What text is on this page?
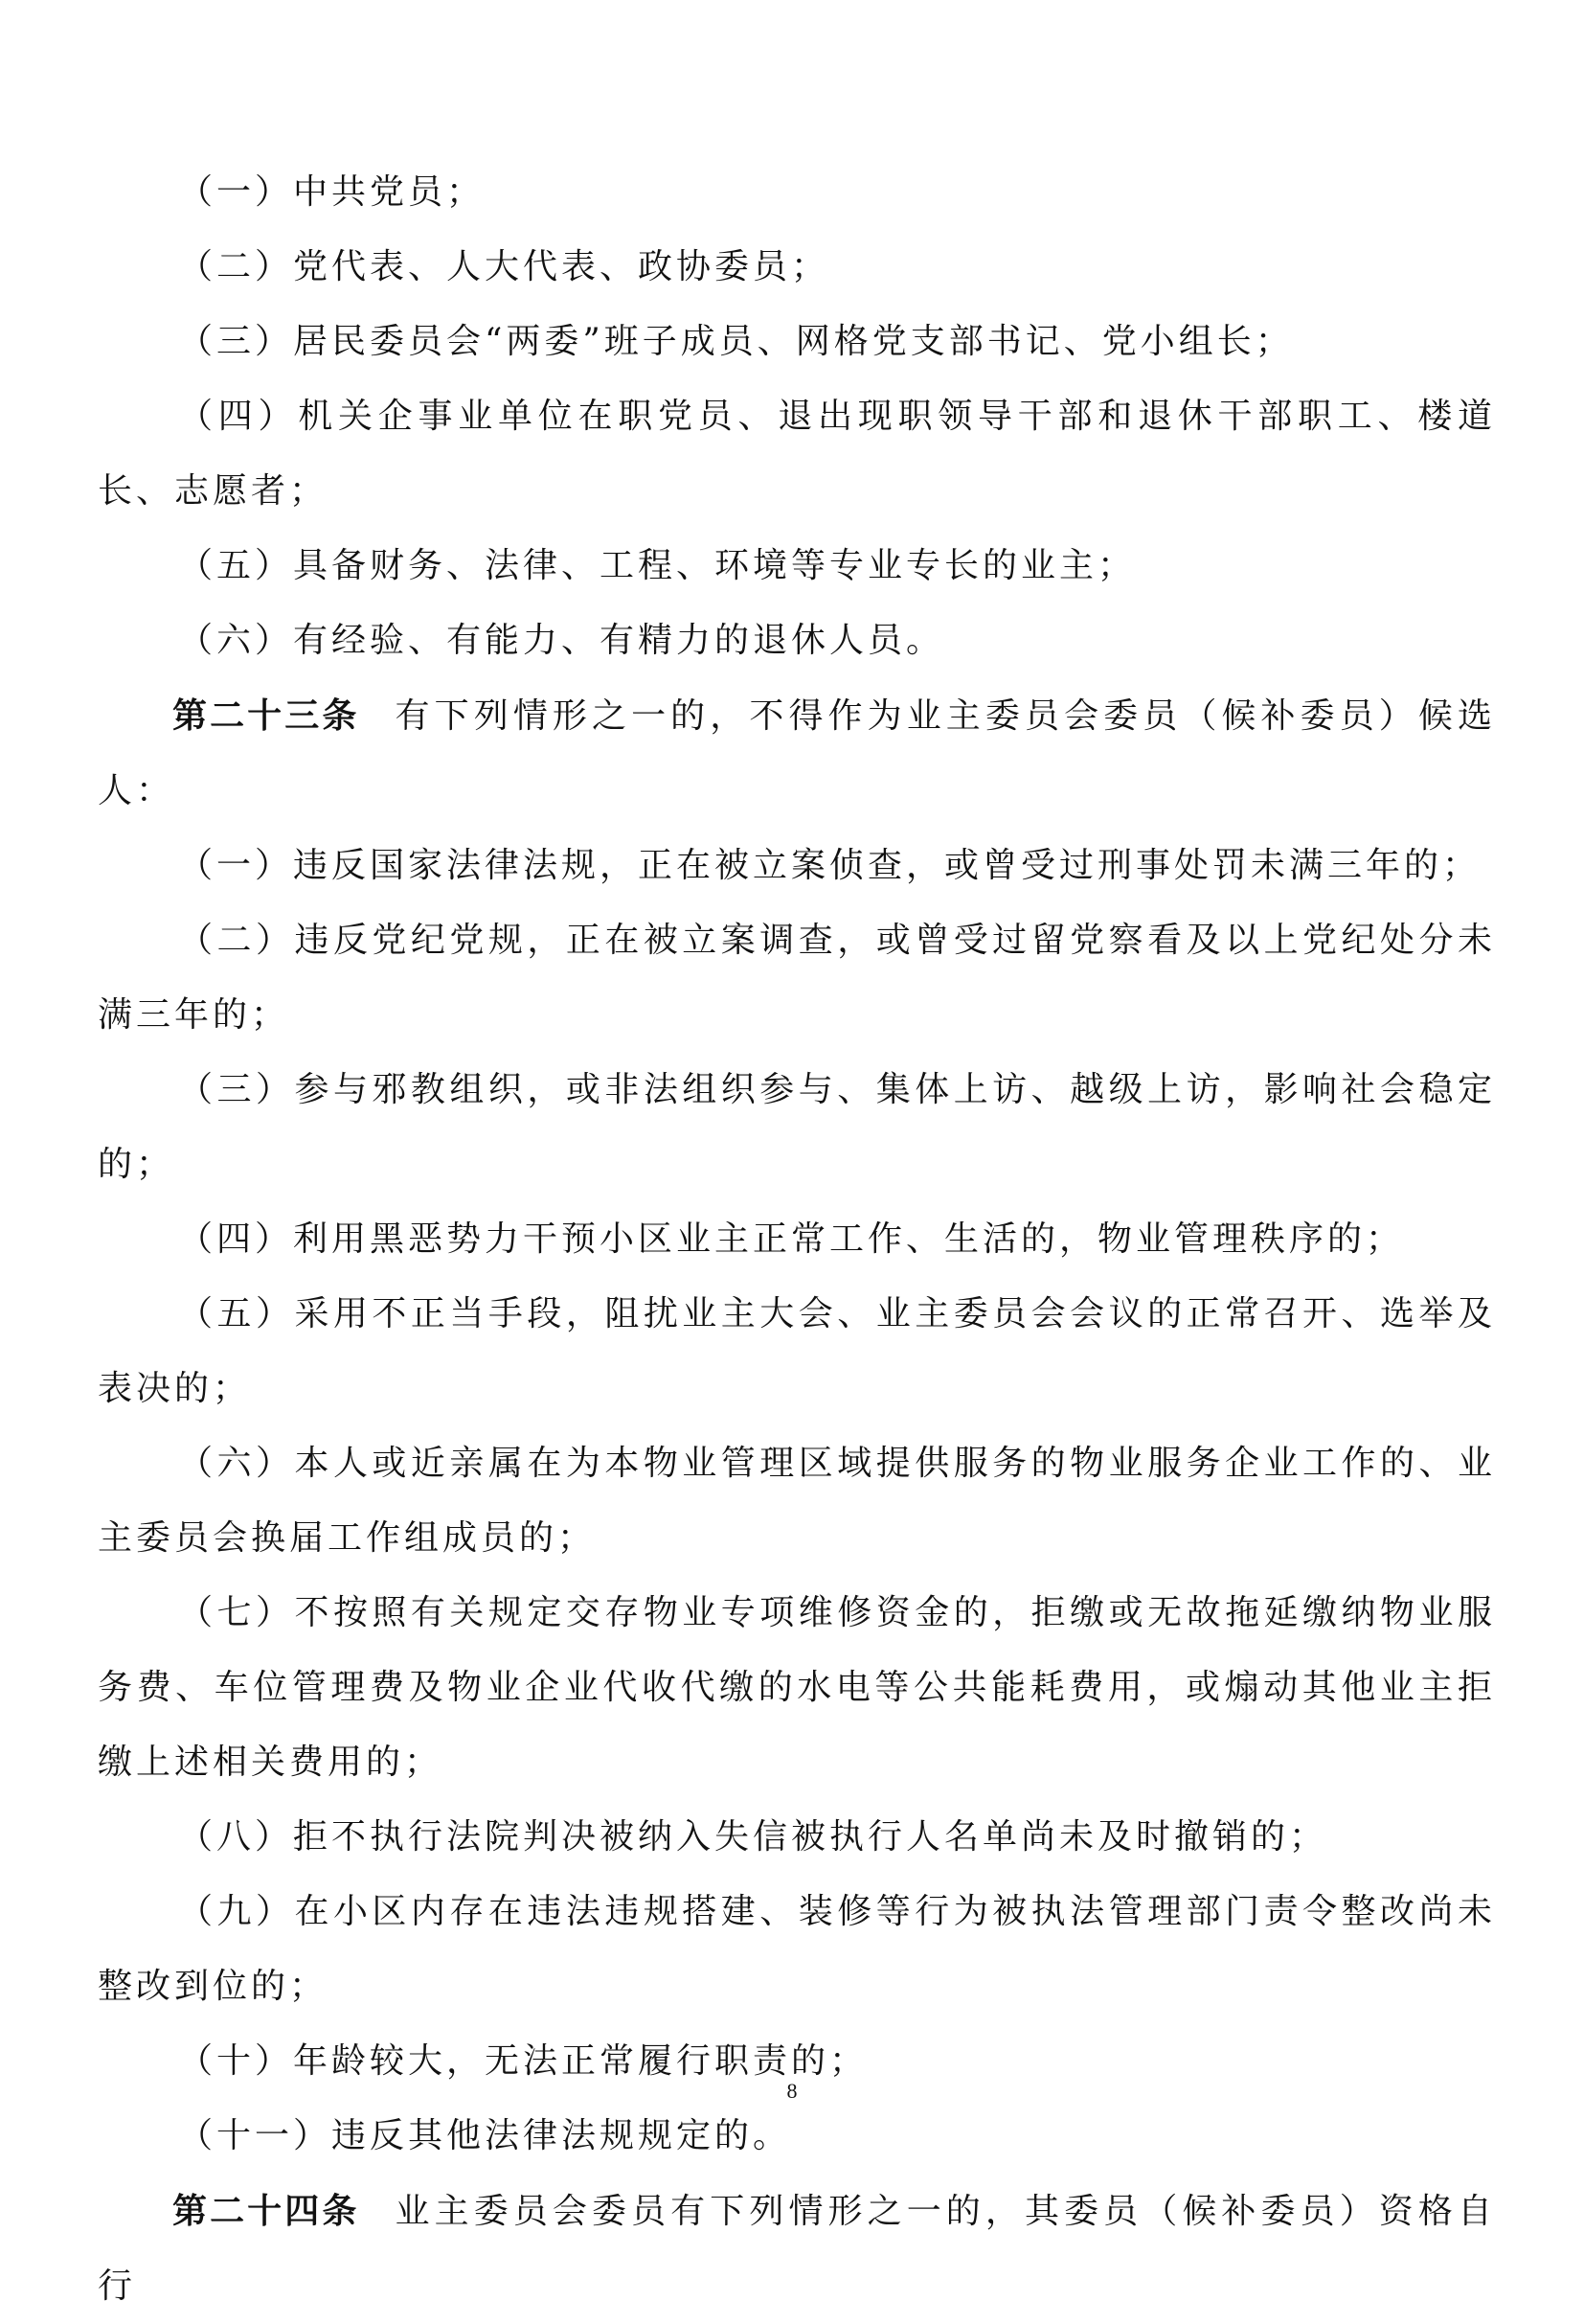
（一）中共党员；

（二）党代表、人大代表、政协委员；

（三）居民委员会“两委”班子成员、网格党支部书记、党小组长；

（四）机关企事业单位在职党员、退出现职领导干部和退休干部职工、楼道长、志愿者；

（五）具备财务、法律、工程、环境等专业专长的业主；

（六）有经验、有能力、有精力的退休人员。

第二十三条 有下列情形之一的，不得作为业主委员会委员（候补委员）候选人：

（一）违反国家法律法规，正在被立案侦查，或曾受过刑事处罚未满三年的；

（二）违反党纪党规，正在被立案调查，或曾受过留党察看及以上党纪处分未满三年的；

（三）参与邪教组织，或非法组织参与、集体上访、越级上访，影响社会稳定的；

（四）利用黑恶势力干预小区业主正常工作、生活的，物业管理秩序的；

（五）采用不正当手段，阻扰业主大会、业主委员会会议的正常召开、选举及表决的；

（六）本人或近亲属在为本物业管理区域提供服务的物业服务企业工作的、业主委员会换届工作组成员的；

（七）不按照有关规定交存物业专项维修资金的，拒缴或无故拖延缴纳物业服务费、车位管理费及物业企业代收代缴的水电等公共能耗费用，或煽动其他业主拒缴上述相关费用的；

（八）拒不执行法院判决被纳入失信被执行人名单尚未及时撤销的；

（九）在小区内存在违法违规搭建、装修等行为被执法管理部门责令整改尚未整改到位的；

（十）年龄较大，无法正常履行职责的；

（十一）违反其他法律法规规定的。

第二十四条 业主委员会委员有下列情形之一的，其委员（候补委员）资格自行

8
